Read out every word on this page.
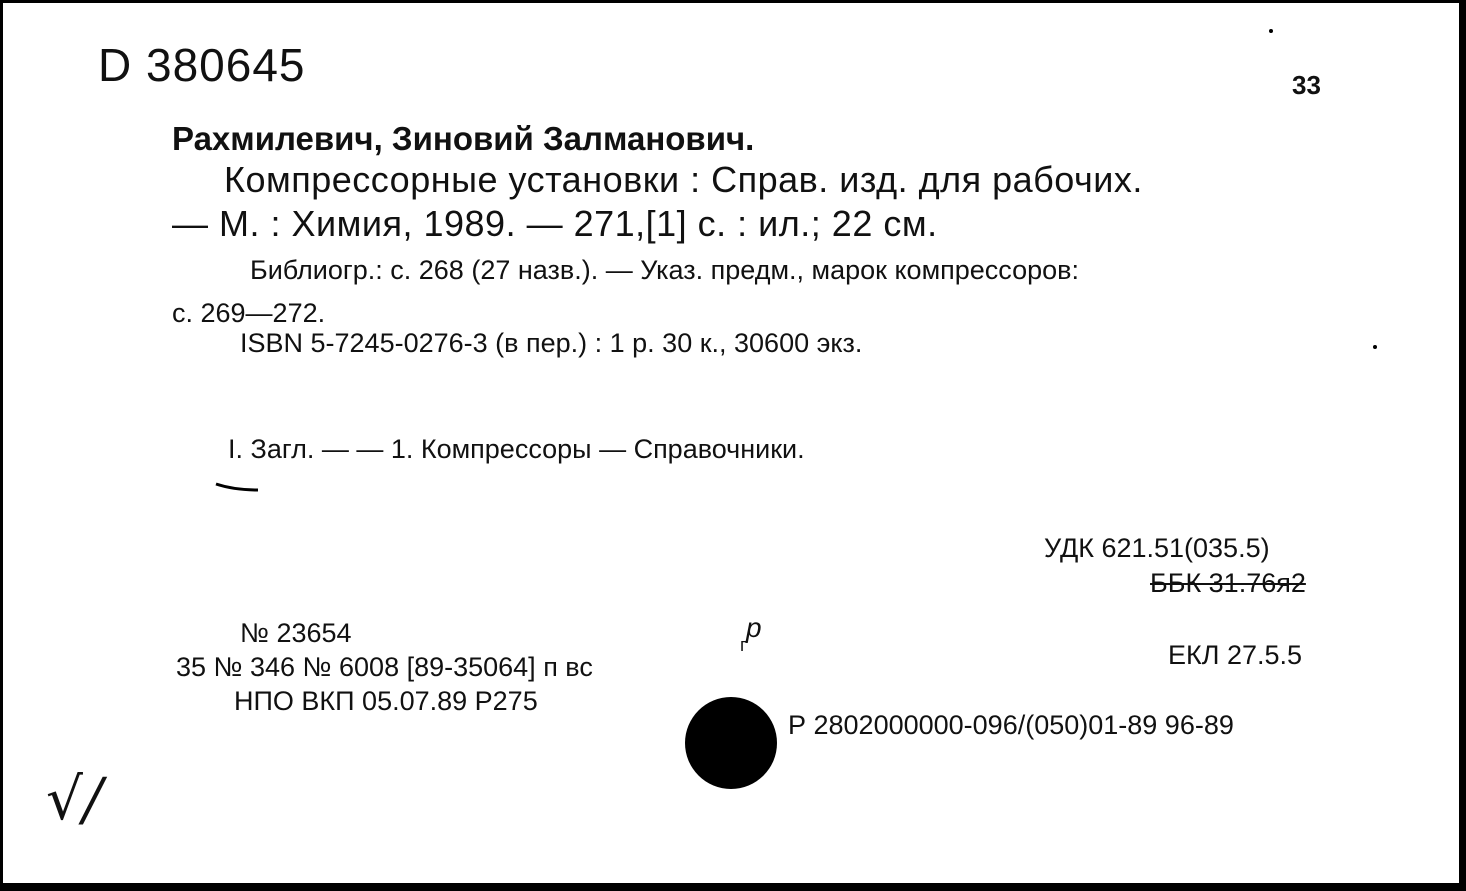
D 380645	33
Рахмилевич, Зиновий Залманович.
Компрессорные установки : Справ. изд. для рабочих.
— М. : Химия, 1989. — 271,[1] с. : ил.; 22 см.
Библиогр.: с. 268 (27 назв.). — Указ. предм., марок компрессоров:
с. 269—272.
ISBN 5-7245-0276-3 (в пер.) : 1 р. 30 к., 30600 экз.
I. Загл. — — 1. Компрессоры — Справочники.
УДК 621.51(035.5)
ББК 31.76я2
ЕКЛ 27.5.5
№ 23654
35 № 346 № 6008 [89-35064] п вс
р
г
НПО ВКП 05.07.89 Р275
Р 2802000000-096/(050)01-89 96-89
√/
